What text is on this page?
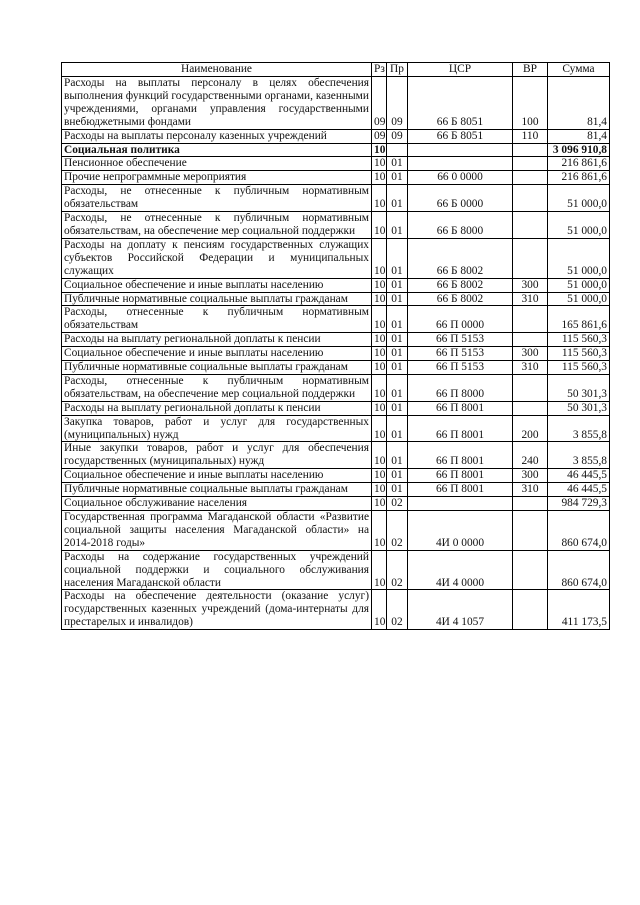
Наименование	Рз	Пр	ЦСР	ВР	Сумма
Расходы на выплаты персоналу в целях обеспечения выполнения функций государственными органами, казенными учреждениями, органами управления государственными внебюджетными фондами	09	09	66 Б 8051	100	81,4
Расходы на выплаты персоналу казенных учреждений	09	09	66 Б 8051	110	81,4
Социальная политика	10				3 096 910,8
Пенсионное обеспечение	10	01			216 861,6
Прочие непрограммные мероприятия	10	01	66 0 0000		216 861,6
Расходы, не отнесенные к публичным нормативным обязательствам	10	01	66 Б 0000		51 000,0
Расходы, не отнесенные к публичным нормативным обязательствам, на обеспечение мер социальной поддержки	10	01	66 Б 8000		51 000,0
Расходы на доплату к пенсиям государственных служащих субъектов Российской Федерации и муниципальных служащих	10	01	66 Б 8002		51 000,0
Социальное обеспечение и иные выплаты населению	10	01	66 Б 8002	300	51 000,0
Публичные нормативные социальные выплаты гражданам	10	01	66 Б 8002	310	51 000,0
Расходы, отнесенные к публичным нормативным обязательствам	10	01	66 П 0000		165 861,6
Расходы на выплату региональной доплаты к пенсии	10	01	66 П 5153		115 560,3
Социальное обеспечение и иные выплаты населению	10	01	66 П 5153	300	115 560,3
Публичные нормативные социальные выплаты гражданам	10	01	66 П 5153	310	115 560,3
Расходы, отнесенные к публичным нормативным обязательствам, на обеспечение мер социальной поддержки	10	01	66 П 8000		50 301,3
Расходы на выплату региональной доплаты к пенсии	10	01	66 П 8001		50 301,3
Закупка товаров, работ и услуг для государственных (муниципальных) нужд	10	01	66 П 8001	200	3 855,8
Иные закупки товаров, работ и услуг для обеспечения государственных (муниципальных) нужд	10	01	66 П 8001	240	3 855,8
Социальное обеспечение и иные выплаты населению	10	01	66 П 8001	300	46 445,5
Публичные нормативные социальные выплаты гражданам	10	01	66 П 8001	310	46 445,5
Социальное обслуживание населения	10	02			984 729,3
Государственная программа Магаданской области «Развитие социальной защиты населения Магаданской области» на 2014-2018 годы»	10	02	4И 0 0000		860 674,0
Расходы на содержание государственных учреждений социальной поддержки и социального обслуживания населения Магаданской области	10	02	4И 4 0000		860 674,0
Расходы на обеспечение деятельности (оказание услуг) государственных казенных учреждений (дома-интернаты для престарелых и инвалидов)	10	02	4И 4 1057		411 173,5
